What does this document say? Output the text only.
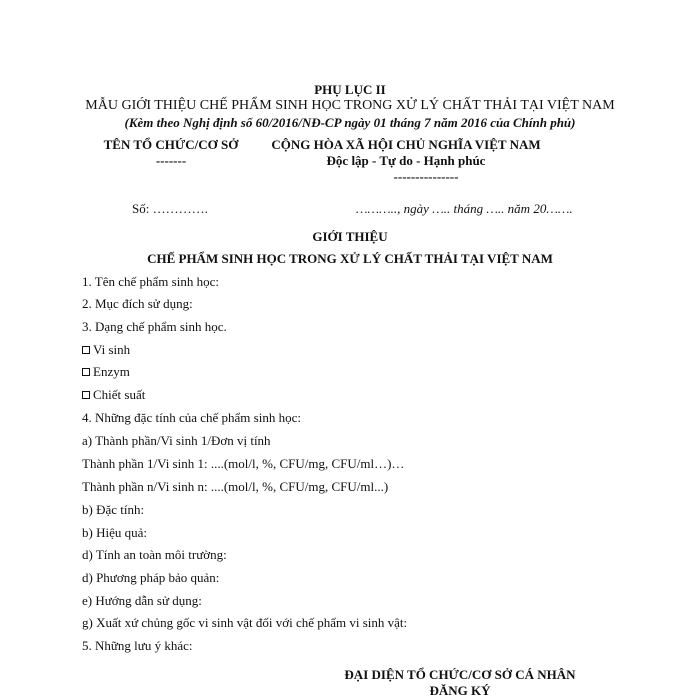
PHỤ LỤC II
MẪU GIỚI THIỆU CHẾ PHẨM SINH HỌC TRONG XỬ LÝ CHẤT THẢI TẠI VIỆT NAM
(Kèm theo Nghị định số 60/2016/NĐ-CP ngày 01 tháng 7 năm 2016 của Chính phủ)
TÊN TỔ CHỨC/CƠ SỞ
-------
CỘNG HÒA XÃ HỘI CHỦ NGHĨA VIỆT NAM
Độc lập - Tự do - Hạnh phúc
---------------
Số: ………….	……….., ngày ….. tháng ….. năm 20…….
GIỚI THIỆU
CHẾ PHẨM SINH HỌC TRONG XỬ LÝ CHẤT THẢI TẠI VIỆT NAM
1. Tên chế phẩm sinh học:
2. Mục đích sử dụng:
3. Dạng chế phẩm sinh học.
Vi sinh
Enzym
Chiết suất
4. Những đặc tính của chế phẩm sinh học:
a) Thành phần/Vi sinh 1/Đơn vị tính
Thành phần 1/Vi sinh 1: ....(mol/l, %, CFU/mg, CFU/ml…)…
Thành phần n/Vi sinh n: ....(mol/l, %, CFU/mg, CFU/ml...)
b) Đặc tính:
b) Hiệu quả:
d) Tính an toàn môi trường:
d) Phương pháp bảo quản:
e) Hướng dẫn sử dụng:
g) Xuất xứ chủng gốc vi sinh vật đối với chế phẩm vi sinh vật:
5. Những lưu ý khác:
ĐẠI DIỆN TỔ CHỨC/CƠ SỞ CÁ NHÂN
ĐĂNG KÝ
